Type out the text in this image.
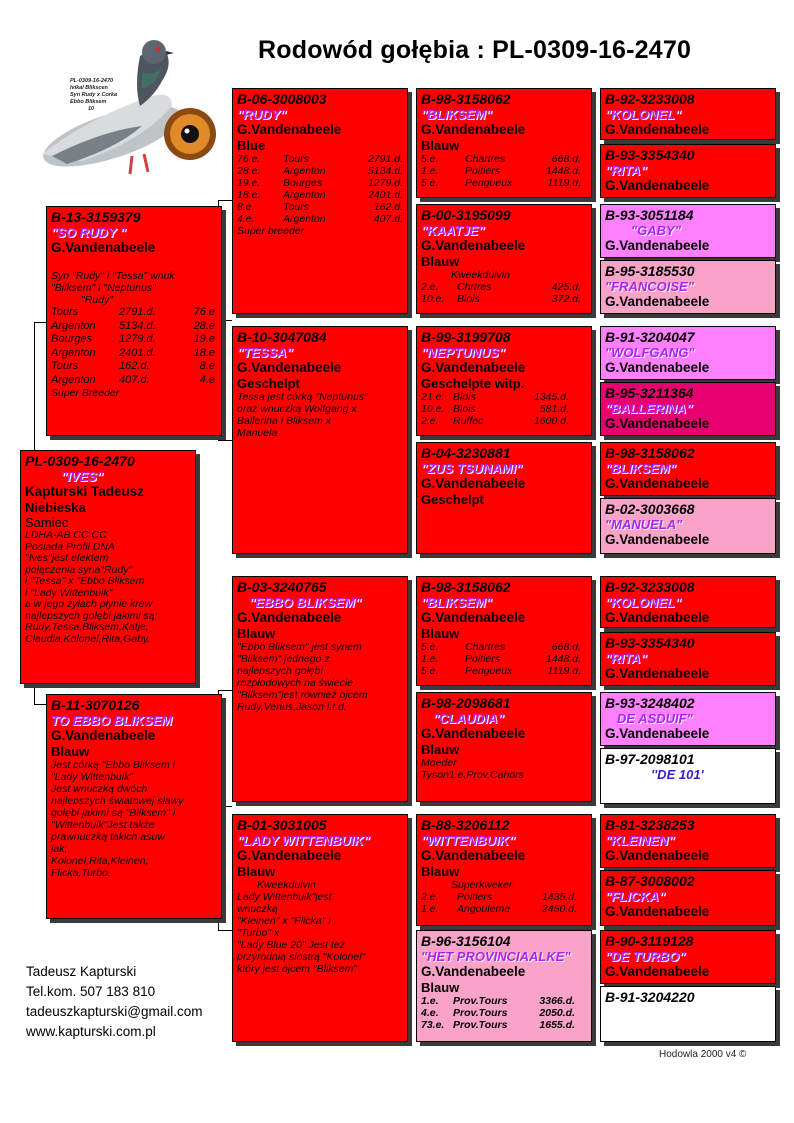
Rodowód gołębia : PL-0309-16-2470
PL-0309-16-2470
Ivikal Blikscen
Syn Rudy x Corka
Ebbo Bliksem
10
PL-0309-16-2470
"IVES"
Kapturski Tadeusz
Niebieska
Samiec
LDHA-AB CC CC
Posiada Profil DNA
"Ives"jest efektem
połączenia syna"Rudy"
i "Tessa" x "Ebbo Bliksem
i "Lady Wittenbuik"
a w jego żyłach płynie krew
najlepszych gołębi jakimi są;
Rudy,Tessa,Bliksem,Katje,
Claudia,Kolonel,Rita,Gaby.
B-13-3159379
"SO RUDY "
G.Vandenabeele
Syn "Rudy" i "Tessa" wnuk
"Bliksem" i "Neptunus"
"Rudy"
Tours	2791.d.	76.e
Argenton 5134.d.	28.e
Bourges 1279.d.	19.e
Argenton 2401.d.	18.e
Tours	162.d.	8.e
Argenton 407.d.	4.e
Super Breeder
B-11-3070126
TO EBBO BLIKSEM
G.Vandenabeele
Blauw
Jest córką "Ebbo Bliksem i
"Lady Wittenbuik"
Jest wnuczką dwóch
najlepszych światowej sławy
gołębi jakimi są "Bliksem" i
"Wittenbuik"Jest także
prawnuczką takich asuw
jak;
Kolonel,Rita,Kleinen,
Flicka,Turbo.
B-06-3008003
"RUDY"
G.Vandenabeele
Blue
76.e. Tours	2791.d.
28.e. Argenton	5134.d.
19.e. Bourges	1279.d.
18.e. Argenton	2401.d.
8.e.	Tours	162.d.
4.e.	Argenton	407.d.
Super breeder
B-10-3047084
"TESSA"
G.Vandenabeele
Geschelpt
Tessa jest córką "Neptunus"
oraz wnuczką Wolfgang x
Ballerina i Bliksem x
Manuela
B-03-3240765
"EBBO BLIKSEM"
G.Vandenabeele
Blauw
"Ebbo Bliksem" jest synem
"Bliksem" jednego z
najlepszych gołębi
rozpłodowych na świecie
"Bliksem"jest również ojcem
Rudy,Venus,Jason i.t.d.
B-01-3031005
"LADY WITTENBUIK"
G.Vandenabeele
Blauw
Kweekduivin
Lady Wittenbuik"jest
wnuczką
"Kleinen" x "Flicka" i
"Turbo" x
"Lady Blue 20".Jest też
przyrodnią siostrą "Kolonel"
który jest ojcem "Bliksem"
B-98-3158062
"BLIKSEM"
G.Vandenabeele
Blauw
5.e.	Chartres	668.d.
1.e.	Poitiers	1448.d.
5.e.	Perigueux	1119.d.
B-00-3195099
"KAATJE"
G.Vandenabeele
Blauw
Kweekduivin
2.e. Chrtres	425.d.
10.e. Blois	372.d.
B-99-3199708
"NEPTUNUS"
G.Vandenabeele
Geschelpte witp.
21.e. Blois	1345.d.
10.e. Blois	581.d.
2.e. Ruffec	1600.d.
B-04-3230881
"ZUS TSUNAMI"
G.Vandenabeele
Geschelpt
B-98-3158062
"BLIKSEM"
G.Vandenabeele
Blauw
5.e.	Chartres	668.d.
1.e.	Poitiers	1448.d.
5.e.	Perigueux	1119.d.
B-98-2098681
"CLAUDIA"
G.Vandenabeele
Blauw
Moeder
Tyson1.e.Prov.Cahors
B-88-3206112
"WITTENBUIK"
G.Vandenabeele
Blauw
Superkweker
2.e. Poitiers	1435.d.
1.e. Angouleme	2450.d.
B-96-3156104
"HET PROVINCIAALKE"
G.Vandenabeele
Blauw
1.e. Prov.Tours	3366.d.
4.e. Prov.Tours	2050.d.
73.e. Prov.Tours	1655.d.
B-92-3233008
"KOLONEL"
G.Vandenabeele
B-93-3354340
"RITA"
G.Vandenabeele
B-93-3051184
"GABY"
G.Vandenabeele
B-95-3185530
"FRANCOISE"
G.Vandenabeele
B-91-3204047
"WOLFGANG"
G.Vandenabeele
B-95-3211364
"BALLERINA"
G.Vandenabeele
B-98-3158062
"BLIKSEM"
G.Vandenabeele
B-02-3003668
"MANUELA"
G.Vandenabeele
B-92-3233008
"KOLONEL"
G.Vandenabeele
B-93-3354340
"RITA"
G.Vandenabeele
B-93-3248402
DE ASDUIF"
G.Vandenabeele
B-97-2098101
''DE 101'
B-81-3238253
"KLEINEN"
G.Vandenabeele
B-87-3008002
"FLICKA"
G.Vandenabeele
B-90-3119128
"DE TURBO"
G.Vandenabeele
B-91-3204220
Tadeusz Kapturski
Tel.kom. 507 183 810
tadeuszkapturski@gmail.com
www.kapturski.com.pl
Hodowla 2000 v4 ©
